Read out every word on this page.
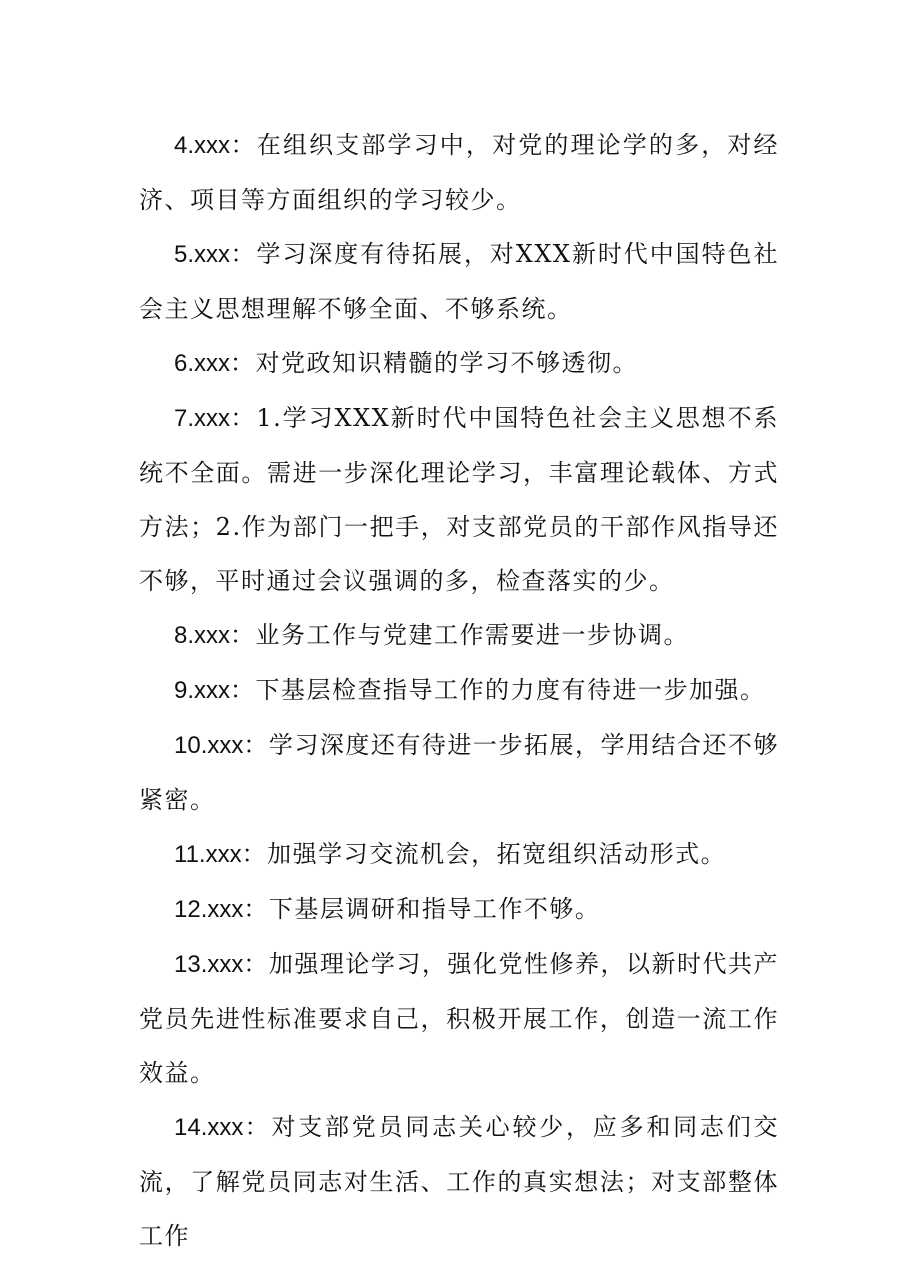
4.xxx：在组织支部学习中，对党的理论学的多，对经济、项目等方面组织的学习较少。

5.xxx：学习深度有待拓展，对XXX新时代中国特色社会主义思想理解不够全面、不够系统。

6.xxx：对党政知识精髓的学习不够透彻。

7.xxx：1.学习XXX新时代中国特色社会主义思想不系统不全面。需进一步深化理论学习，丰富理论载体、方式方法；2.作为部门一把手，对支部党员的干部作风指导还不够，平时通过会议强调的多，检查落实的少。

8.xxx：业务工作与党建工作需要进一步协调。

9.xxx：下基层检查指导工作的力度有待进一步加强。

10.xxx：学习深度还有待进一步拓展，学用结合还不够紧密。

11.xxx：加强学习交流机会，拓宽组织活动形式。

12.xxx：下基层调研和指导工作不够。

13.xxx：加强理论学习，强化党性修养，以新时代共产党员先进性标准要求自己，积极开展工作，创造一流工作效益。

14.xxx：对支部党员同志关心较少，应多和同志们交流，了解党员同志对生活、工作的真实想法；对支部整体工作
